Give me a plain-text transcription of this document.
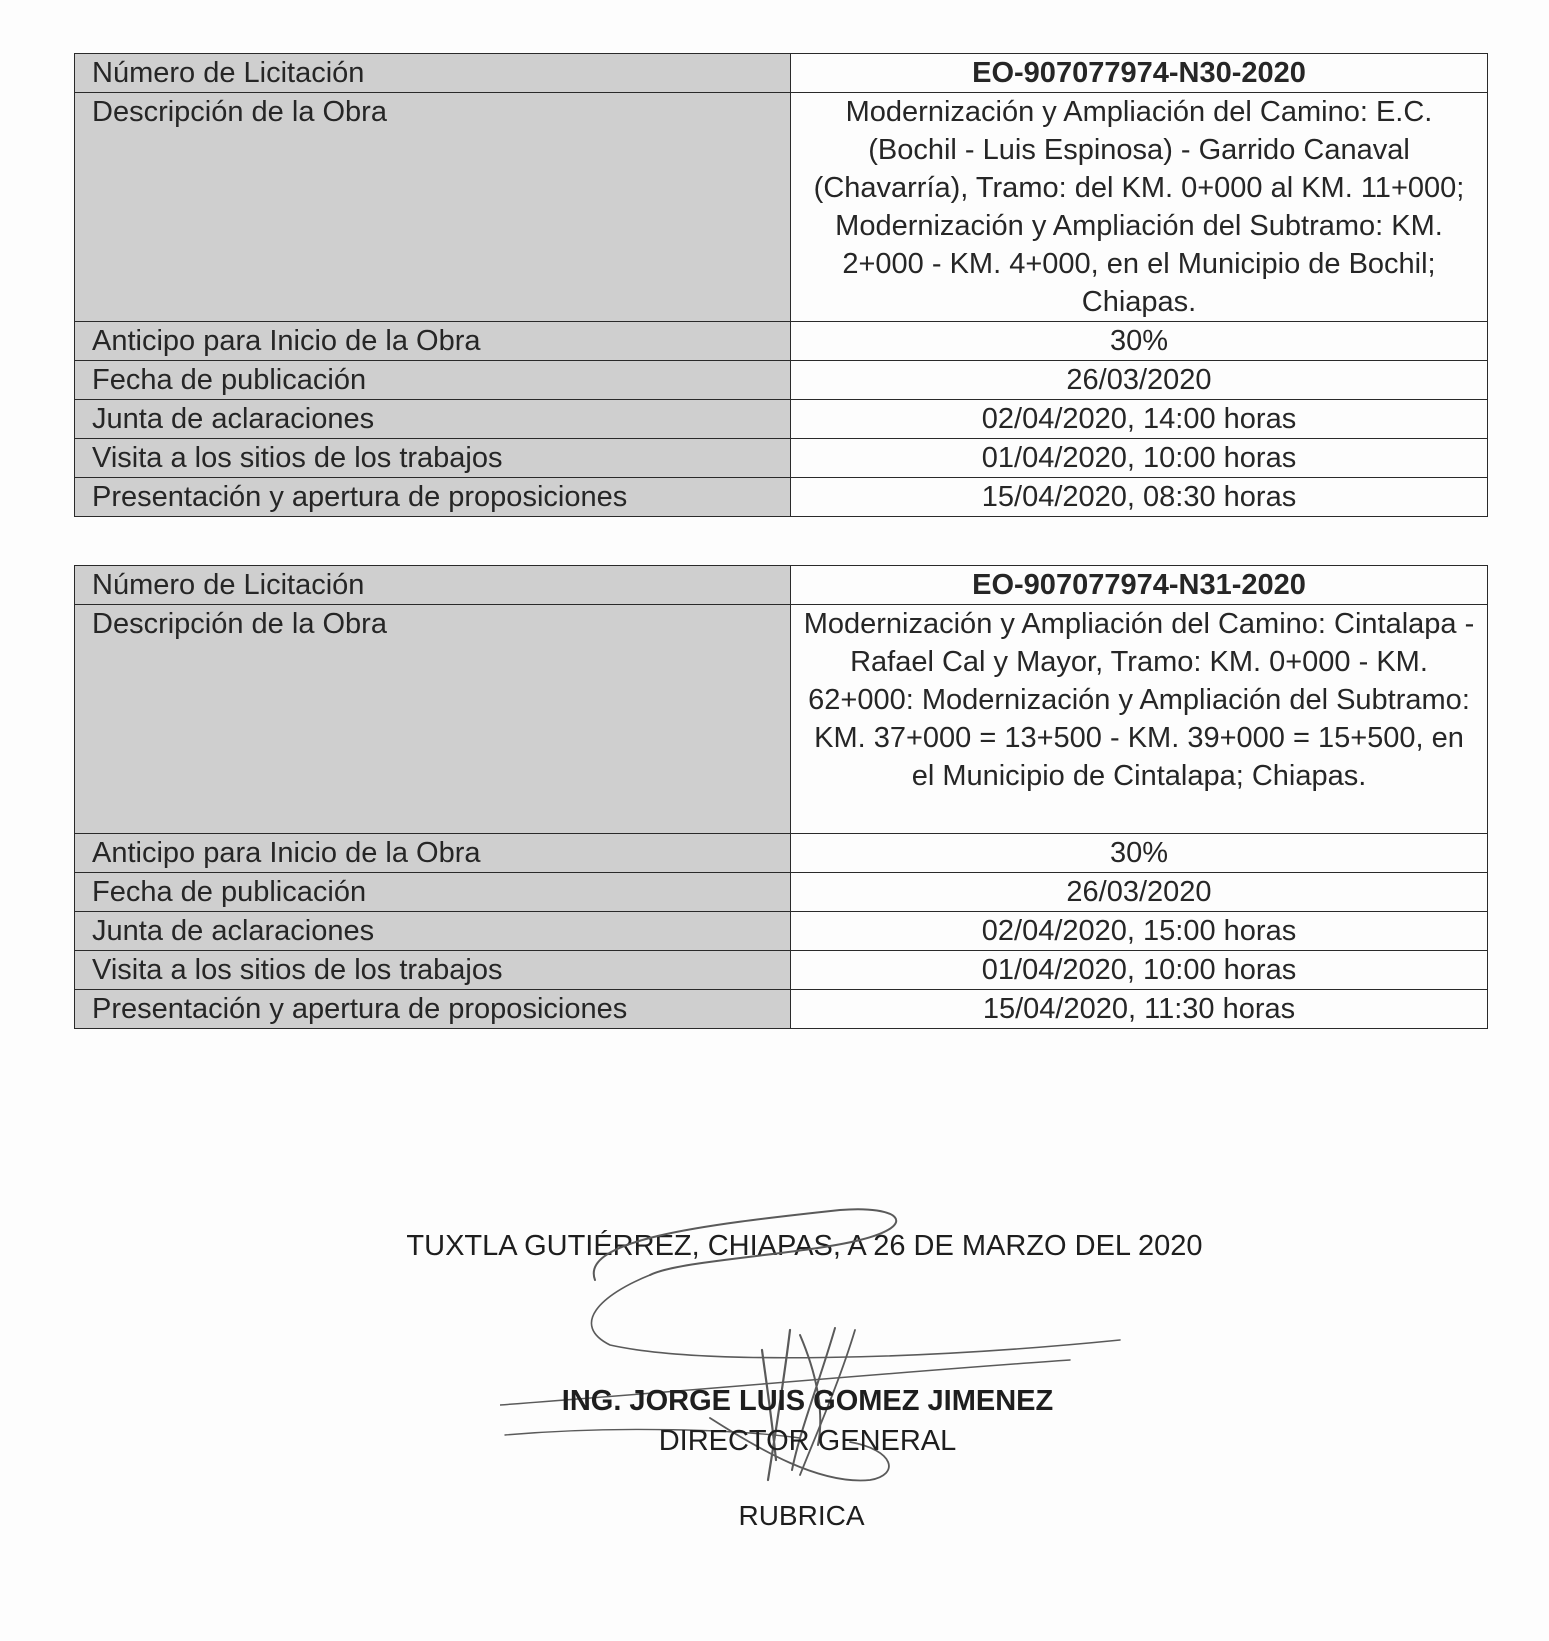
Número de Licitación	EO-907077974-N30-2020
Descripción de la Obra	Modernización y Ampliación del Camino: E.C. (Bochil - Luis Espinosa) - Garrido Canaval (Chavarría), Tramo: del KM. 0+000 al KM. 11+000; Modernización y Ampliación del Subtramo: KM. 2+000 - KM. 4+000, en el Municipio de Bochil; Chiapas.
Anticipo para Inicio de la Obra	30%
Fecha de publicación	26/03/2020
Junta de aclaraciones	02/04/2020, 14:00 horas
Visita a los sitios de los trabajos	01/04/2020, 10:00 horas
Presentación y apertura de proposiciones	15/04/2020, 08:30 horas
Número de Licitación	EO-907077974-N31-2020
Descripción de la Obra	Modernización y Ampliación del Camino: Cintalapa - Rafael Cal y Mayor, Tramo: KM. 0+000 - KM. 62+000: Modernización y Ampliación del Subtramo: KM. 37+000 = 13+500 - KM. 39+000 = 15+500, en el Municipio de Cintalapa; Chiapas.
Anticipo para Inicio de la Obra	30%
Fecha de publicación	26/03/2020
Junta de aclaraciones	02/04/2020, 15:00 horas
Visita a los sitios de los trabajos	01/04/2020, 10:00 horas
Presentación y apertura de proposiciones	15/04/2020, 11:30 horas
TUXTLA GUTIÉRREZ, CHIAPAS, A 26 DE MARZO DEL 2020
ING. JORGE LUIS GOMEZ JIMENEZ
DIRECTOR GENERAL
RUBRICA
